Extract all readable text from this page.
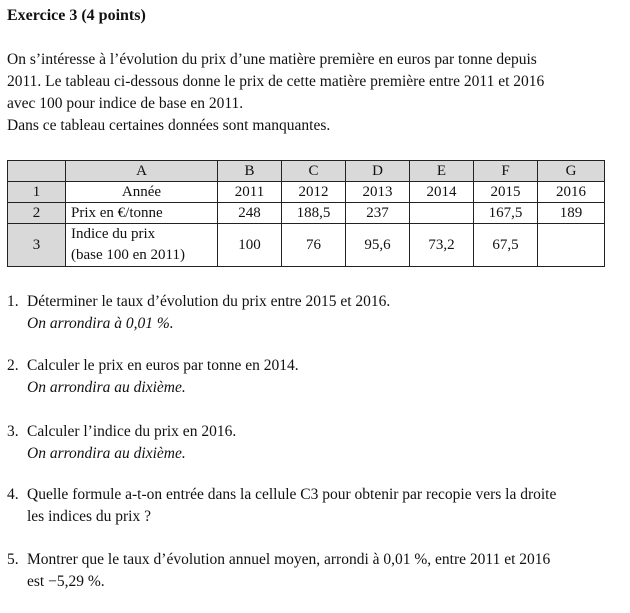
Exercice 3 (4 points)
On s’intéresse à l’évolution du prix d’une matière première en euros par tonne depuis
2011. Le tableau ci-dessous donne le prix de cette matière première entre 2011 et 2016
avec 100 pour indice de base en 2011.
Dans ce tableau certaines données sont manquantes.
	A	B	C	D	E	F	G
1	Année	2011	2012	2013	2014	2015	2016
2	Prix en €/tonne	248	188,5	237		167,5	189
3	Indice du prix
(base 100 en 2011)	100	76	95,6	73,2	67,5	
1. Déterminer le taux d’évolution du prix entre 2015 et 2016.
On arrondira à 0,01 %.
2. Calculer le prix en euros par tonne en 2014.
On arrondira au dixième.
3. Calculer l’indice du prix en 2016.
On arrondira au dixième.
4. Quelle formule a-t-on entrée dans la cellule C3 pour obtenir par recopie vers la droite
les indices du prix ?
5. Montrer que le taux d’évolution annuel moyen, arrondi à 0,01 %, entre 2011 et 2016
est −5,29 %.
